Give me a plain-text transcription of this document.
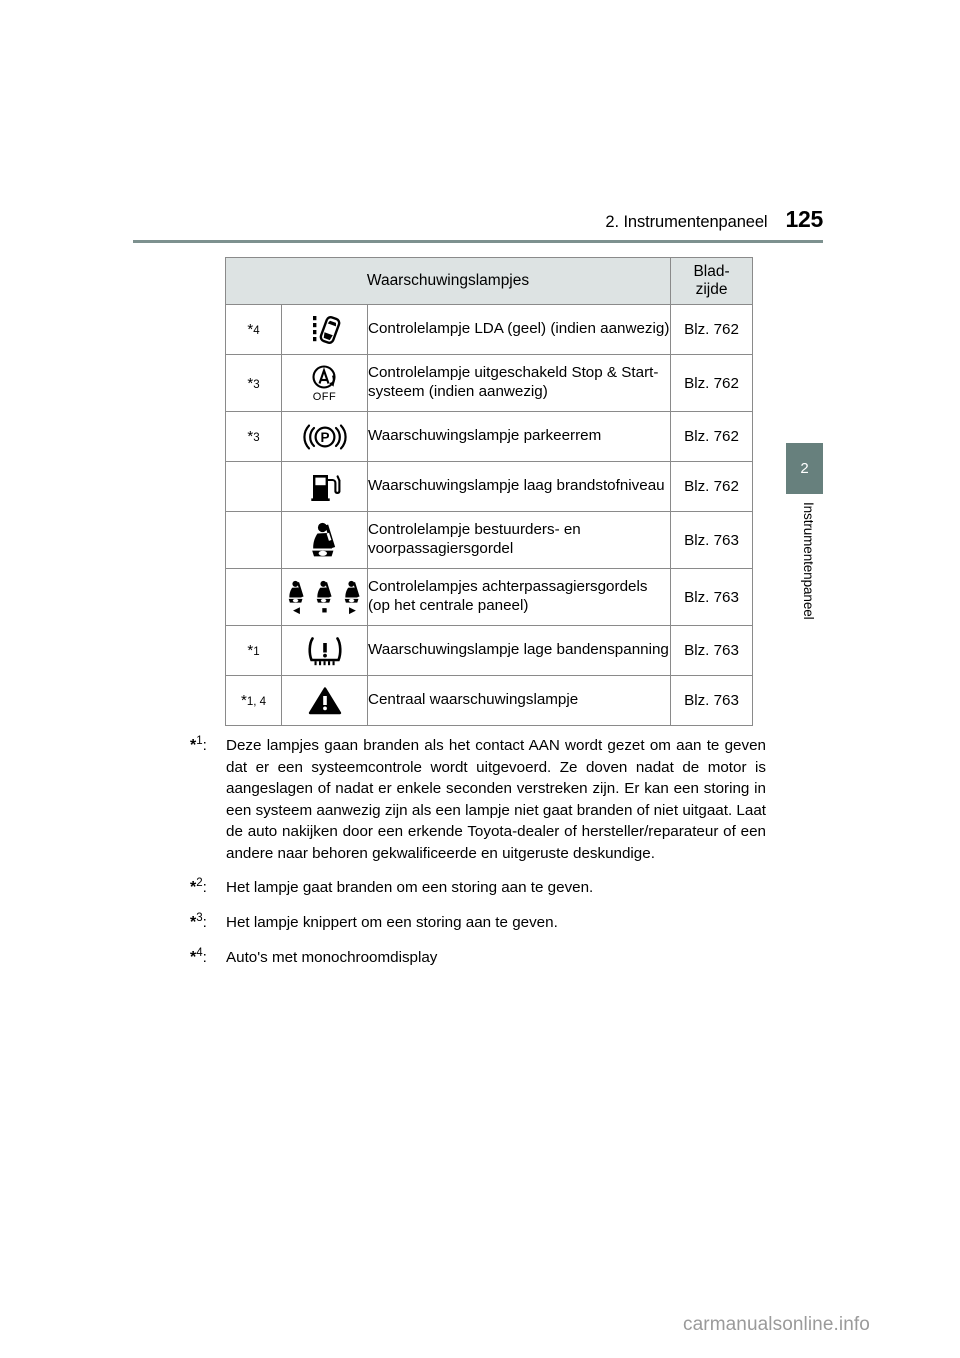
2. Instrumentenpaneel 125
2
Instrumentenpaneel
Waarschuwingslampjes			Blad-
zijde
*4		Controlelampje LDA (geel) (indien aanwezig)	Blz. 762
*3	OFF	Controlelampje uitgeschakeld Stop & Start-systeem (indien aanwezig)	Blz. 762
*3	P	Waarschuwingslampje parkeerrem	Blz. 762

	Waarschuwingslampje laag brandstofniveau	Blz. 762

	Controlelampje bestuurders- en voorpassagiersgordel	Blz. 763

	◀ ■ ▶	Controlelampjes achterpassagiersgordels (op het centrale paneel)	Blz. 763
*1		Waarschuwingslampje lage bandenspanning	Blz. 763
*1, 4		Centraal waarschuwingslampje	Blz. 763
*$^1$:	Deze lampjes gaan branden als het contact AAN wordt gezet om aan te geven dat er een systeemcontrole wordt uitgevoerd. Ze doven nadat de motor is aangeslagen of nadat er enkele seconden verstreken zijn. Er kan een storing in een systeem aanwezig zijn als een lampje niet gaat branden of niet uitgaat. Laat de auto nakijken door een erkende Toyota-dealer of hersteller/reparateur of een andere naar behoren gekwalificeerde en uitgeruste deskundige.
*$^2$:	Het lampje gaat branden om een storing aan te geven.
*$^3$:	Het lampje knippert om een storing aan te geven.
*$^4$:	Auto's met monochroomdisplay
carmanualsonline.info
